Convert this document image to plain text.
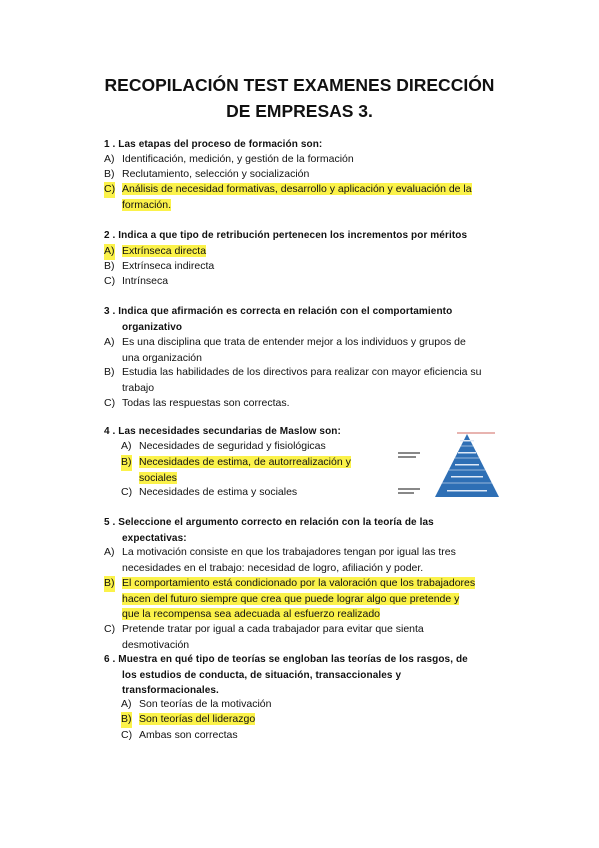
RECOPILACIÓN TEST EXAMENES DIRECCIÓN
DE EMPRESAS 3.
1 . Las etapas del proceso de formación son:
A) Identificación, medición, y gestión de la formación
B) Reclutamiento, selección y socialización
C) Análisis de necesidad formativas, desarrollo y aplicación y evaluación de la
formación.
2 . Indica a que tipo de retribución pertenecen los incrementos por méritos
A) Extrínseca directa
B) Extrínseca indirecta
C) Intrínseca
3 . Indica que afirmación es correcta en relación con el comportamiento
organizativo
A) Es una disciplina que trata de entender mejor a los individuos y grupos de
una organización
B) Estudia las habilidades de los directivos para realizar con mayor eficiencia su
trabajo
C) Todas las respuestas son correctas.
4 . Las necesidades secundarias de Maslow son:
A) Necesidades de seguridad y fisiológicas
B) Necesidades de estima, de autorrealización y
sociales
C) Necesidades de estima y sociales
5 . Seleccione el argumento correcto en relación con la teoría de las
expectativas:
A) La motivación consiste en que los trabajadores tengan por igual las tres
necesidades en el trabajo: necesidad de logro, afiliación y poder.
B) El comportamiento está condicionado por la valoración que los trabajadores
hacen del futuro siempre que crea que puede lograr algo que pretende y
que la recompensa sea adecuada al esfuerzo realizado
C) Pretende tratar por igual a cada trabajador para evitar que sienta
desmotivación
6 . Muestra en qué tipo de teorías se engloban las teorías de los rasgos, de
los estudios de conducta, de situación, transaccionales y
transformacionales.
A) Son teorías de la motivación
B) Son teorías del liderazgo
C) Ambas son correctas
